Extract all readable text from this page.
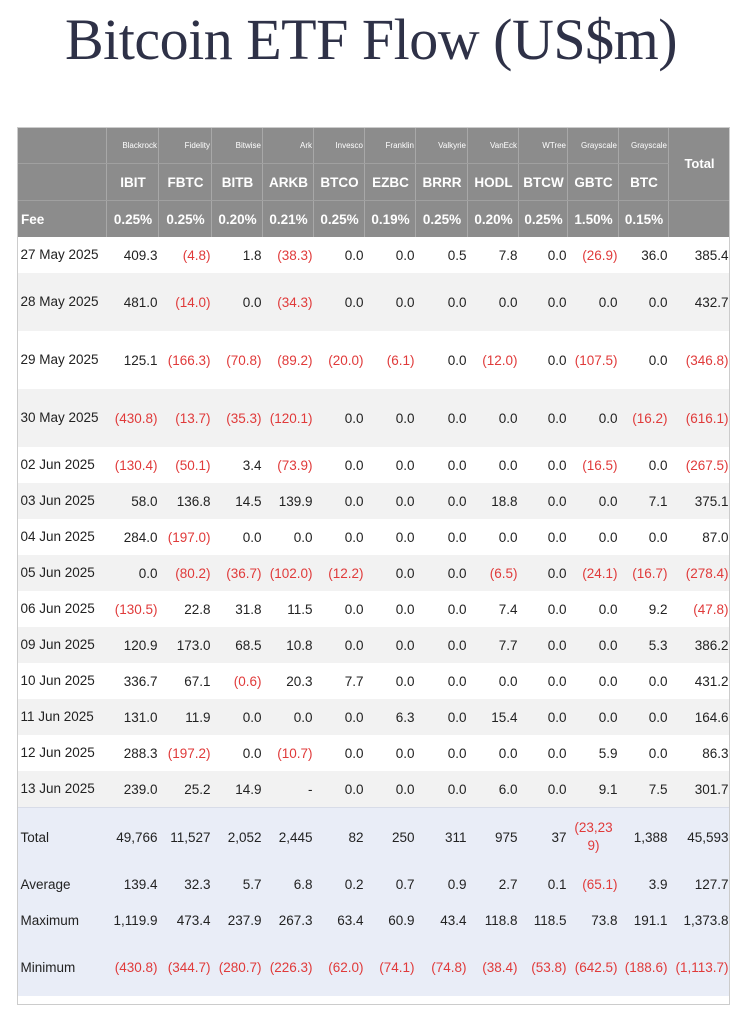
Bitcoin ETF Flow (US$m)
	Blackrock	Fidelity	Bitwise	Ark	Invesco	Franklin	Valkyrie	VanEck	WTree	Grayscale	Grayscale	Total
	IBIT	FBTC	BITB	ARKB	BTCO	EZBC	BRRR	HODL	BTCW	GBTC	BTC	
Fee	0.25%	0.25%	0.20%	0.21%	0.25%	0.19%	0.25%	0.20%	0.25%	1.50%	0.15%	
27 May 2025	409.3	(4.8)	1.8	(38.3)	0.0	0.0	0.5	7.8	0.0	(26.9)	36.0	385.4
28 May 2025	481.0	(14.0)	0.0	(34.3)	0.0	0.0	0.0	0.0	0.0	0.0	0.0	432.7
29 May 2025	125.1	(166.3)	(70.8)	(89.2)	(20.0)	(6.1)	0.0	(12.0)	0.0	(107.5)	0.0	(346.8)
30 May 2025	(430.8)	(13.7)	(35.3)	(120.1)	0.0	0.0	0.0	0.0	0.0	0.0	(16.2)	(616.1)
02 Jun 2025	(130.4)	(50.1)	3.4	(73.9)	0.0	0.0	0.0	0.0	0.0	(16.5)	0.0	(267.5)
03 Jun 2025	58.0	136.8	14.5	139.9	0.0	0.0	0.0	18.8	0.0	0.0	7.1	375.1
04 Jun 2025	284.0	(197.0)	0.0	0.0	0.0	0.0	0.0	0.0	0.0	0.0	0.0	87.0
05 Jun 2025	0.0	(80.2)	(36.7)	(102.0)	(12.2)	0.0	0.0	(6.5)	0.0	(24.1)	(16.7)	(278.4)
06 Jun 2025	(130.5)	22.8	31.8	11.5	0.0	0.0	0.0	7.4	0.0	0.0	9.2	(47.8)
09 Jun 2025	120.9	173.0	68.5	10.8	0.0	0.0	0.0	7.7	0.0	0.0	5.3	386.2
10 Jun 2025	336.7	67.1	(0.6)	20.3	7.7	0.0	0.0	0.0	0.0	0.0	0.0	431.2
11 Jun 2025	131.0	11.9	0.0	0.0	0.0	6.3	0.0	15.4	0.0	0.0	0.0	164.6
12 Jun 2025	288.3	(197.2)	0.0	(10.7)	0.0	0.0	0.0	0.0	0.0	5.9	0.0	86.3
13 Jun 2025	239.0	25.2	14.9	-	0.0	0.0	0.0	6.0	0.0	9.1	7.5	301.7
Total	49,766	11,527	2,052	2,445	82	250	311	975	37	(23,239)	1,388	45,593
Average	139.4	32.3	5.7	6.8	0.2	0.7	0.9	2.7	0.1	(65.1)	3.9	127.7
Maximum	1,119.9	473.4	237.9	267.3	63.4	60.9	43.4	118.8	118.5	73.8	191.1	1,373.8
Minimum	(430.8)	(344.7)	(280.7)	(226.3)	(62.0)	(74.1)	(74.8)	(38.4)	(53.8)	(642.5)	(188.6)	(1,113.7)
